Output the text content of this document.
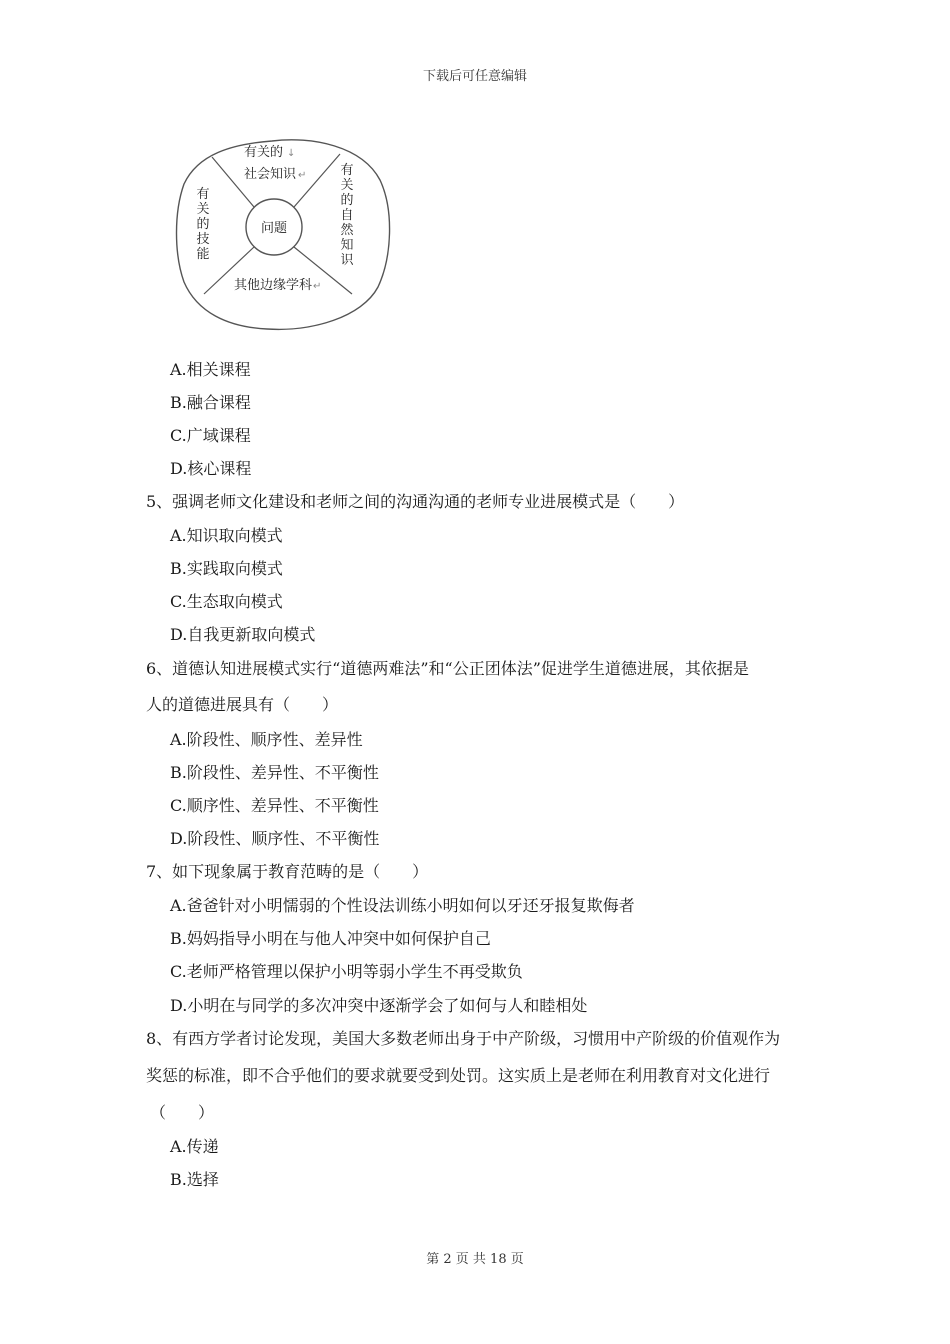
下载后可任意编辑
问题
有关的 ↓
社会知识 ↵	有
关
的
自
然
知
识
有
关
的
技
能
其他边缘学科 ↵
A.相关课程
B.融合课程
C.广域课程
D.核心课程
5、强调老师文化建设和老师之间的沟通沟通的老师专业进展模式是（　　）
A.知识取向模式
B.实践取向模式
C.生态取向模式
D.自我更新取向模式
6、道德认知进展模式实行“道德两难法”和“公正团体法”促进学生道德进展，其依据是
人的道德进展具有（　　）
A.阶段性、顺序性、差异性
B.阶段性、差异性、不平衡性
C.顺序性、差异性、不平衡性
D.阶段性、顺序性、不平衡性
7、如下现象属于教育范畴的是（　　）
A.爸爸针对小明懦弱的个性设法训练小明如何以牙还牙报复欺侮者
B.妈妈指导小明在与他人冲突中如何保护自己
C.老师严格管理以保护小明等弱小学生不再受欺负
D.小明在与同学的多次冲突中逐渐学会了如何与人和睦相处
8、有西方学者讨论发现，美国大多数老师出身于中产阶级，习惯用中产阶级的价值观作为
奖惩的标准，即不合乎他们的要求就要受到处罚。这实质上是老师在利用教育对文化进行
（　　）
A.传递
B.选择
第 2 页 共 18 页
